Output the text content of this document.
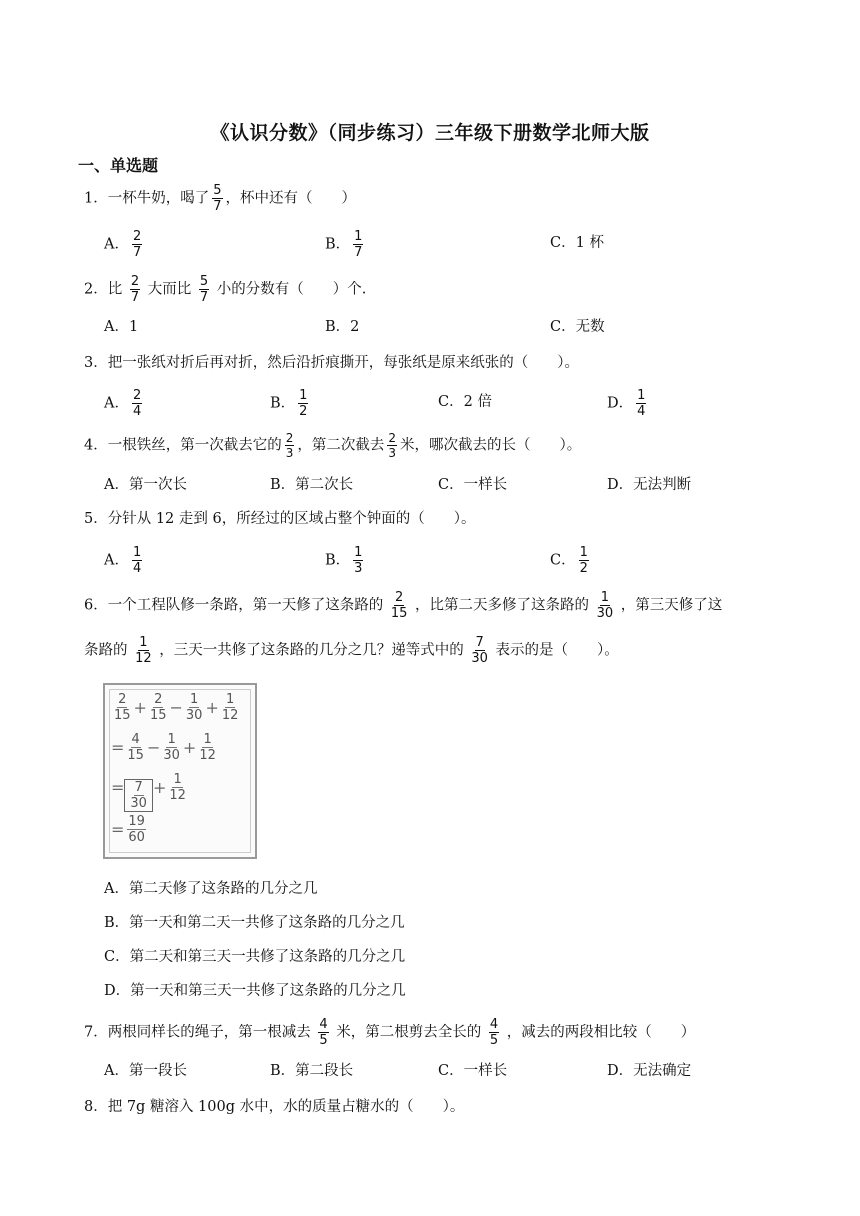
《认识分数》（同步练习）三年级下册数学北师大版
一、单选题
1．一杯牛奶，喝了 $\frac{5}{7}$ ，杯中还有（　　）
A． $\frac{2}{7}$	B． $\frac{1}{7}$	C．1 杯
2．比 $\frac{2}{7}$ 大而比 $\frac{5}{7}$ 小的分数有（　　）个.
A．1	B．2	C．无数
3．把一张纸对折后再对折，然后沿折痕撕开，每张纸是原来纸张的（　　）。
A． $\frac{2}{4}$	B． $\frac{1}{2}$	C．2 倍	D． $\frac{1}{4}$
4．一根铁丝，第一次截去它的 $\frac{2}{3}$ ，第二次截去 $\frac{2}{3}$ 米，哪次截去的长（　　）。
A．第一次长	B．第二次长	C．一样长	D．无法判断
5．分针从 12 走到 6，所经过的区域占整个钟面的（　　）。
A． $\frac{1}{4}$	B． $\frac{1}{3}$	C． $\frac{1}{2}$
6．一个工程队修一条路，第一天修了这条路的 $\frac{2}{15}$ ，比第二天多修了这条路的 $\frac{1}{30}$ ，第三天修了这
条路的 $\frac{1}{12}$ ，三天一共修了这条路的几分之几？递等式中的 $\frac{7}{30}$ 表示的是（　　）。
$\frac{2}{15} + \frac{2}{15} - \frac{1}{30} + \frac{1}{12}$
= $\frac{4}{15} - \frac{1}{30} + \frac{1}{12}$
= $\frac{7}{30} + \frac{1}{12}$
= $\frac{19}{60}$
A．第二天修了这条路的几分之几
B．第一天和第二天一共修了这条路的几分之几
C．第二天和第三天一共修了这条路的几分之几
D．第一天和第三天一共修了这条路的几分之几
7．两根同样长的绳子，第一根减去 $\frac{4}{5}$ 米，第二根剪去全长的 $\frac{4}{5}$ ，减去的两段相比较（　　）
A．第一段长	B．第二段长	C．一样长	D．无法确定
8．把 7g 糖溶入 100g 水中，水的质量占糖水的（　　）。
